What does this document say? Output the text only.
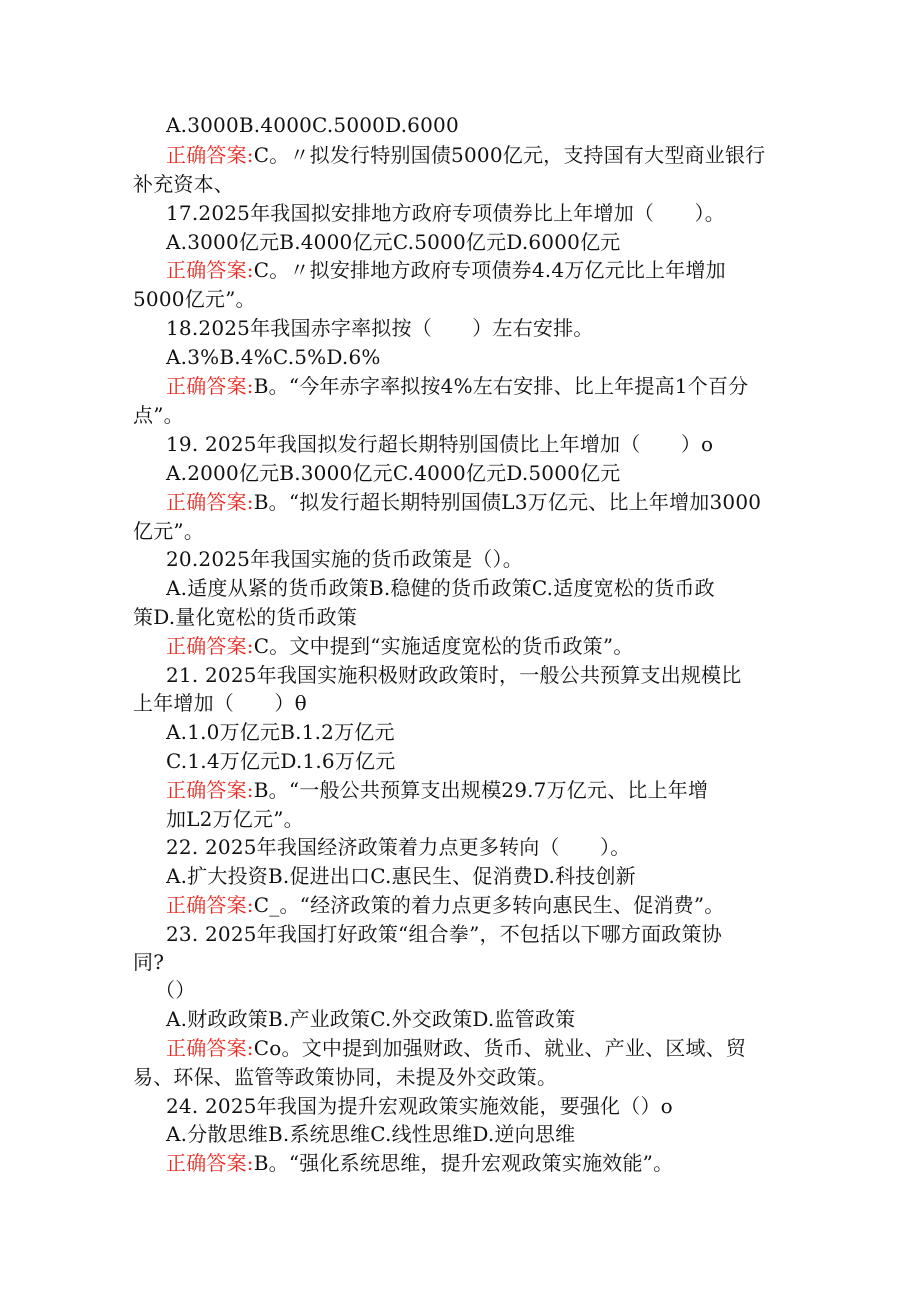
A.3000B.4000C.5000D.6000
正确答案:C。〃拟发行特别国债5000亿元，支持国有大型商业银行
补充资本、
17.2025年我国拟安排地方政府专项债券比上年增加（　　）。
A.3000亿元B.4000亿元C.5000亿元D.6000亿元
正确答案:C。〃拟安排地方政府专项债券4.4万亿元比上年增加
5000亿元”。
18.2025年我国赤字率拟按（　　）左右安排。
A.3%B.4%C.5%D.6%
正确答案:B。“今年赤字率拟按4%左右安排、比上年提高1个百分
点”。
19. 2025年我国拟发行超长期特别国债比上年增加（　　）o
A.2000亿元B.3000亿元C.4000亿元D.5000亿元
正确答案:B。“拟发行超长期特别国债L3万亿元、比上年增加3000
亿元”。
20.2025年我国实施的货币政策是（）。
A.适度从紧的货币政策B.稳健的货币政策C.适度宽松的货币政
策D.量化宽松的货币政策
正确答案:C。文中提到“实施适度宽松的货币政策”。
21. 2025年我国实施积极财政政策时，一般公共预算支出规模比
上年增加（　　）θ
A.1.0万亿元B.1.2万亿元
C.1.4万亿元D.1.6万亿元
正确答案:B。“一般公共预算支出规模29.7万亿元、比上年增
加L2万亿元”。
22. 2025年我国经济政策着力点更多转向（　　）。
A.扩大投资B.促进出口C.惠民生、促消费D.科技创新
正确答案:C_。“经济政策的着力点更多转向惠民生、促消费”。
23. 2025年我国打好政策“组合拳”，不包括以下哪方面政策协
同?
（）
A.财政政策B.产业政策C.外交政策D.监管政策
正确答案:Co。文中提到加强财政、货币、就业、产业、区域、贸
易、环保、监管等政策协同，未提及外交政策。
24. 2025年我国为提升宏观政策实施效能，要强化（）o
A.分散思维B.系统思维C.线性思维D.逆向思维
正确答案:B。“强化系统思维，提升宏观政策实施效能”。
